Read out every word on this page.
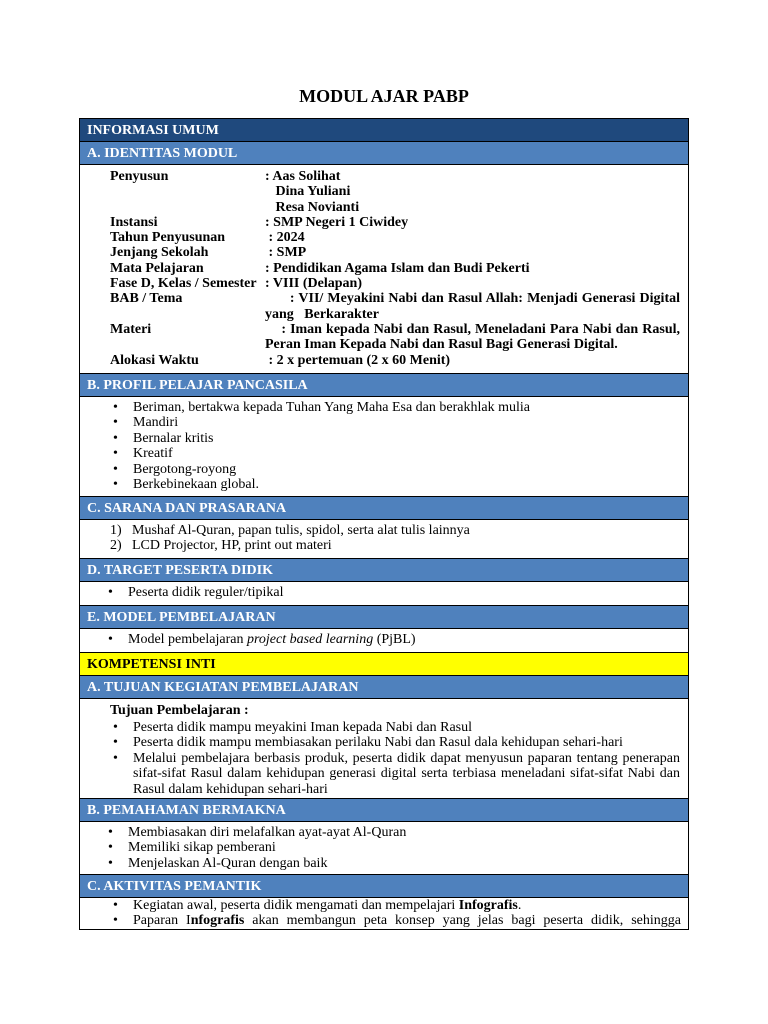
MODUL AJAR PABP
INFORMASI UMUM
A. IDENTITAS MODUL
Penyusun	: Aas Solihat
Dina Yuliani
Resa Novianti
Instansi	: SMP Negeri 1 Ciwidey
Tahun Penyusunan	: 2024
Jenjang Sekolah	: SMP
Mata Pelajaran	: Pendidikan Agama Islam dan Budi Pekerti
Fase D, Kelas / Semester : VIII (Delapan)
BAB / Tema	: VII/ Meyakini Nabi dan Rasul Allah: Menjadi Generasi Digital yang   Berkarakter
Materi	: Iman kepada Nabi dan Rasul, Meneladani Para Nabi dan Rasul, Peran Iman Kepada Nabi dan Rasul Bagi Generasi Digital.
Alokasi Waktu	: 2 x pertemuan (2 x 60 Menit)
B. PROFIL PELAJAR PANCASILA
• Beriman, bertakwa kepada Tuhan Yang Maha Esa dan berakhlak mulia
• Mandiri
• Bernalar kritis
• Kreatif
• Bergotong-royong
• Berkebinekaan global.
C. SARANA DAN PRASARANA
1) Mushaf Al-Quran, papan tulis, spidol, serta alat tulis lainnya
2) LCD Projector, HP, print out materi
D. TARGET PESERTA DIDIK
• Peserta didik reguler/tipikal
E. MODEL PEMBELAJARAN
• Model pembelajaran project based learning (PjBL)
KOMPETENSI INTI
A. TUJUAN KEGIATAN PEMBELAJARAN
Tujuan Pembelajaran :
• Peserta didik mampu meyakini Iman kepada Nabi dan Rasul
• Peserta didik mampu membiasakan perilaku Nabi dan Rasul dala kehidupan sehari-hari
• Melalui pembelajara berbasis produk, peserta didik dapat menyusun paparan tentang penerapan sifat-sifat Rasul dalam kehidupan generasi digital serta terbiasa meneladani sifat-sifat Nabi dan Rasul dalam kehidupan sehari-hari
B. PEMAHAMAN BERMAKNA
• Membiasakan diri melafalkan ayat-ayat Al-Quran
• Memiliki sikap pemberani
• Menjelaskan Al-Quran dengan baik
C. AKTIVITAS PEMANTIK
• Kegiatan awal, peserta didik mengamati dan mempelajari Infografis.
• Paparan Infografis akan membangun peta konsep yang jelas bagi peserta didik, sehingga
